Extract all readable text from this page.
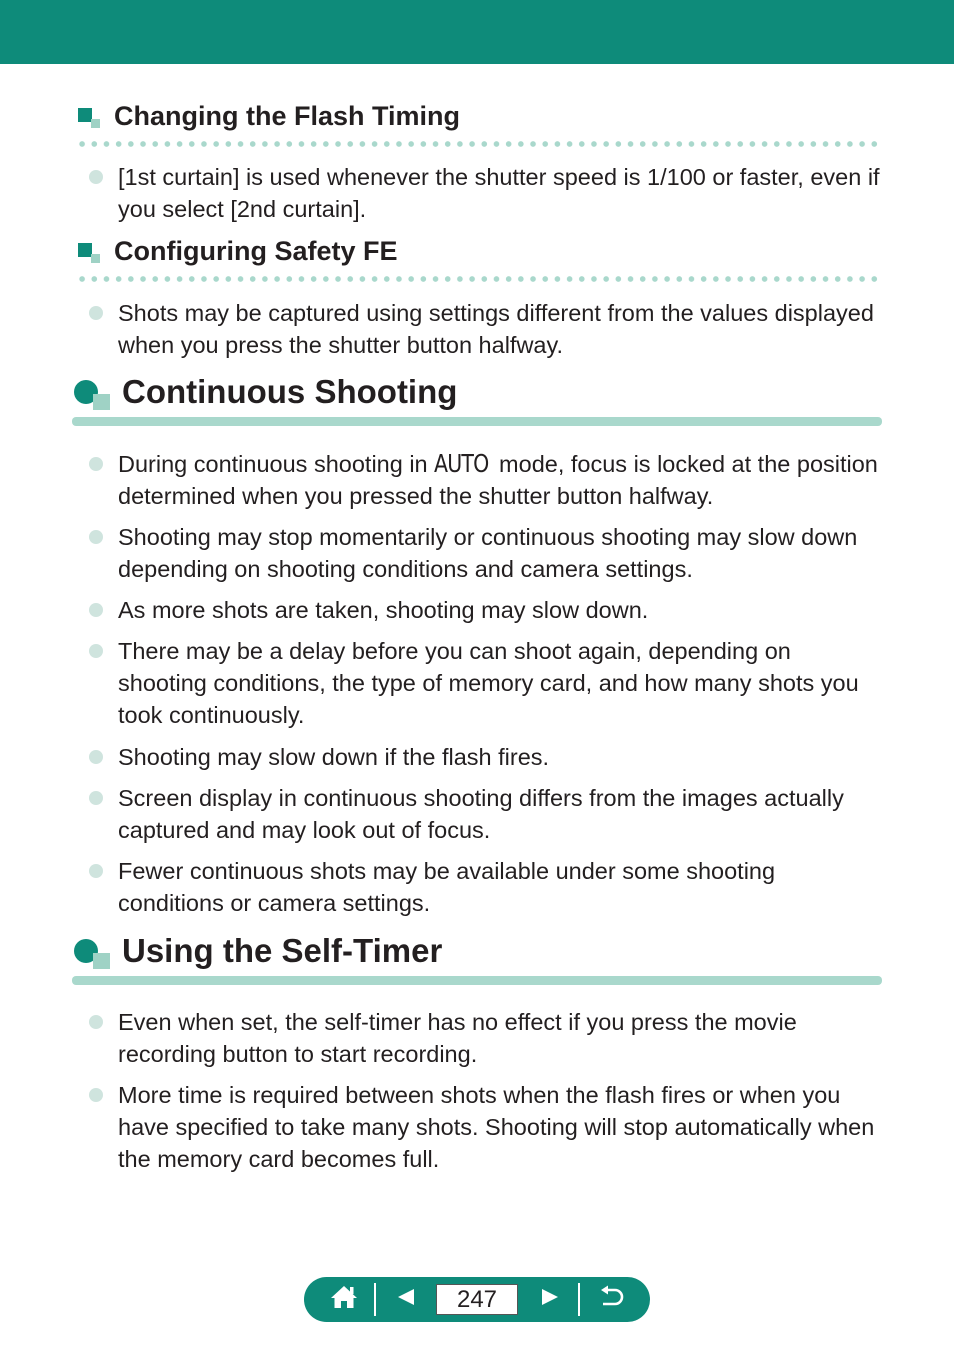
Changing the Flash Timing
[1st curtain] is used whenever the shutter speed is 1/100 or faster, even if you select [2nd curtain].
Configuring Safety FE
Shots may be captured using settings different from the values displayed when you press the shutter button halfway.
Continuous Shooting
During continuous shooting in AUTO mode, focus is locked at the position determined when you pressed the shutter button halfway.
Shooting may stop momentarily or continuous shooting may slow down depending on shooting conditions and camera settings.
As more shots are taken, shooting may slow down.
There may be a delay before you can shoot again, depending on shooting conditions, the type of memory card, and how many shots you took continuously.
Shooting may slow down if the flash fires.
Screen display in continuous shooting differs from the images actually captured and may look out of focus.
Fewer continuous shots may be available under some shooting conditions or camera settings.
Using the Self-Timer
Even when set, the self-timer has no effect if you press the movie recording button to start recording.
More time is required between shots when the flash fires or when you have specified to take many shots. Shooting will stop automatically when the memory card becomes full.
247
